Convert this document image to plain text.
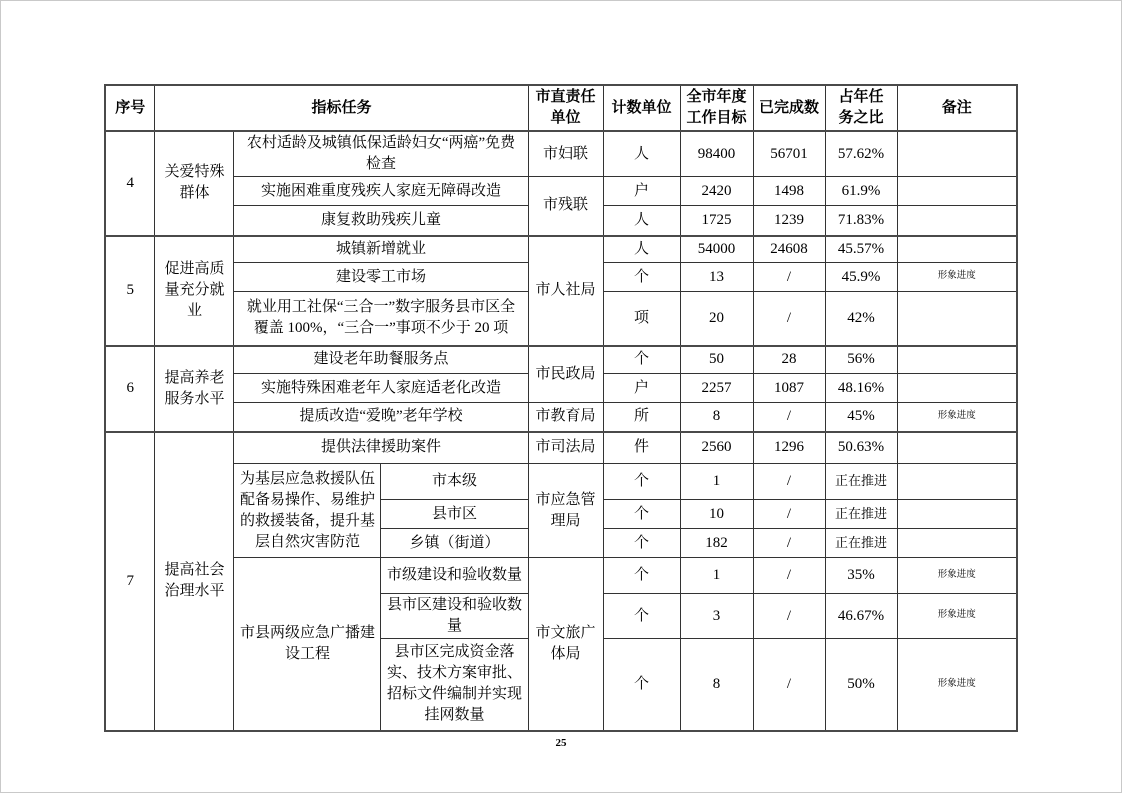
序号	指标任务			市直责任单位	计数单位	全市年度工作目标	已完成数	占年任务之比	备注
4	关爱特殊群体	农村适龄及城镇低保适龄妇女“两癌”免费检查		市妇联	人	98400	56701	57.62%	
		实施困难重度残疾人家庭无障碍改造		市残联	户	2420	1498	61.9%	
		康复救助残疾儿童			人	1725	1239	71.83%	
5	促进高质量充分就业	城镇新增就业		市人社局	人	54000	24608	45.57%	
		建设零工市场			个	13	/	45.9%	形象进度
		就业用工社保“三合一”数字服务县市区全覆盖 100%，“三合一”事项不少于 20 项			项	20	/	42%	
6	提高养老服务水平	建设老年助餐服务点		市民政局	个	50	28	56%	
		实施特殊困难老年人家庭适老化改造			户	2257	1087	48.16%	
		提质改造“爱晚”老年学校		市教育局	所	8	/	45%	形象进度
7	提高社会治理水平	提供法律援助案件		市司法局	件	2560	1296	50.63%	
		为基层应急救援队伍配备易操作、易维护的救援装备，提升基层自然灾害防范	市本级	市应急管理局	个	1	/	正在推进	
			县市区		个	10	/	正在推进	
			乡镇（街道）		个	182	/	正在推进	
		市县两级应急广播建设工程	市级建设和验收数量	市文旅广体局	个	1	/	35%	形象进度
			县市区建设和验收数量		个	3	/	46.67%	形象进度
			县市区完成资金落实、技术方案审批、招标文件编制并实现挂网数量		个	8	/	50%	形象进度
25
